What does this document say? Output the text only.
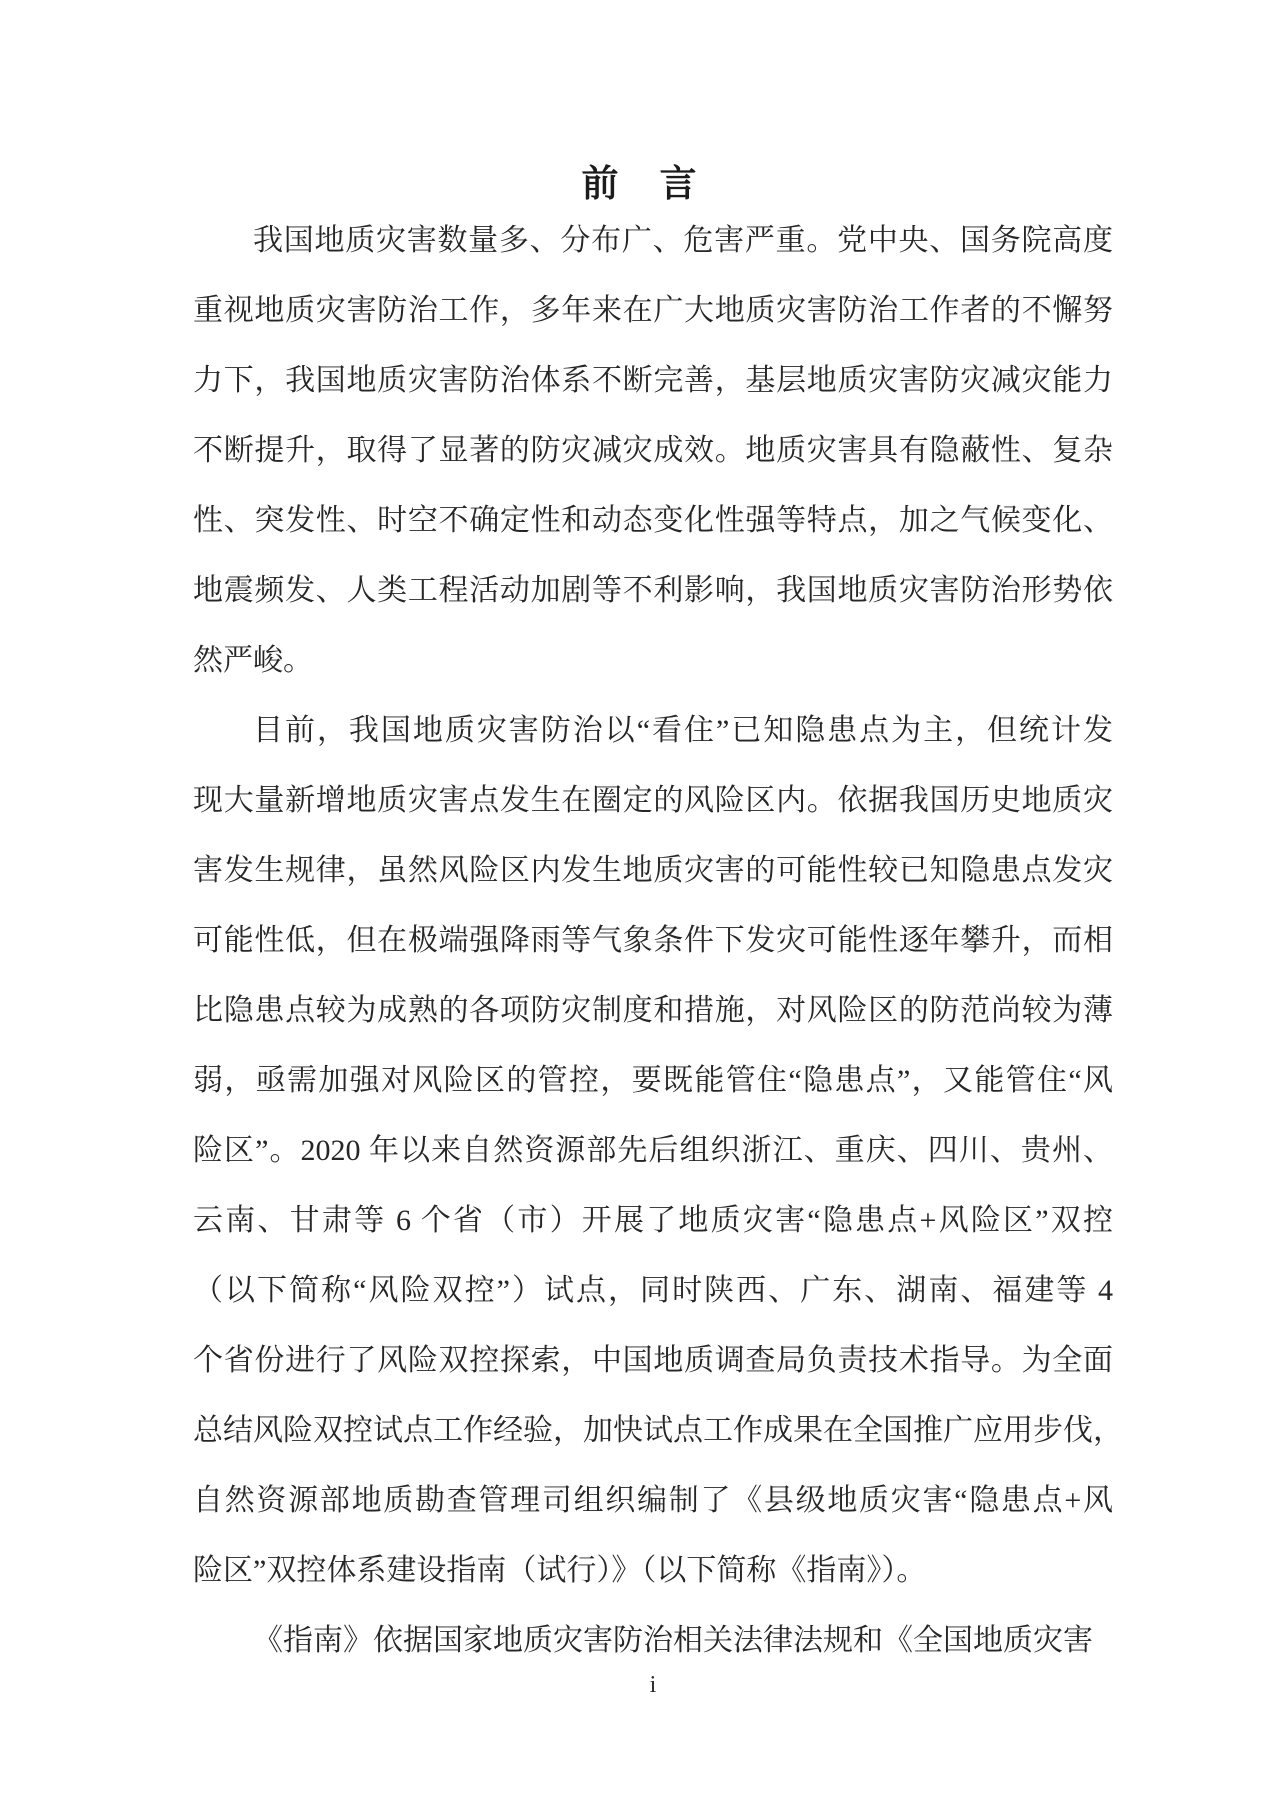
前　言
我国地质灾害数量多、分布广、危害严重。党中央、国务院高度
重视地质灾害防治工作，多年来在广大地质灾害防治工作者的不懈努
力下，我国地质灾害防治体系不断完善，基层地质灾害防灾减灾能力
不断提升，取得了显著的防灾减灾成效。地质灾害具有隐蔽性、复杂
性、突发性、时空不确定性和动态变化性强等特点，加之气候变化、
地震频发、人类工程活动加剧等不利影响，我国地质灾害防治形势依
然严峻。
目前，我国地质灾害防治以“看住”已知隐患点为主，但统计发
现大量新增地质灾害点发生在圈定的风险区内。依据我国历史地质灾
害发生规律，虽然风险区内发生地质灾害的可能性较已知隐患点发灾
可能性低，但在极端强降雨等气象条件下发灾可能性逐年攀升，而相
比隐患点较为成熟的各项防灾制度和措施，对风险区的防范尚较为薄
弱，亟需加强对风险区的管控，要既能管住“隐患点”，又能管住“风
险区”。2020 年以来自然资源部先后组织浙江、重庆、四川、贵州、
云南、甘肃等 6 个省（市）开展了地质灾害“隐患点+风险区”双控
（以下简称“风险双控”）试点，同时陕西、广东、湖南、福建等 4
个省份进行了风险双控探索，中国地质调查局负责技术指导。为全面
总结风险双控试点工作经验，加快试点工作成果在全国推广应用步伐，
自然资源部地质勘查管理司组织编制了《县级地质灾害“隐患点+风
险区”双控体系建设指南（试行）》（以下简称《指南》）。
《指南》依据国家地质灾害防治相关法律法规和《全国地质灾害
i
